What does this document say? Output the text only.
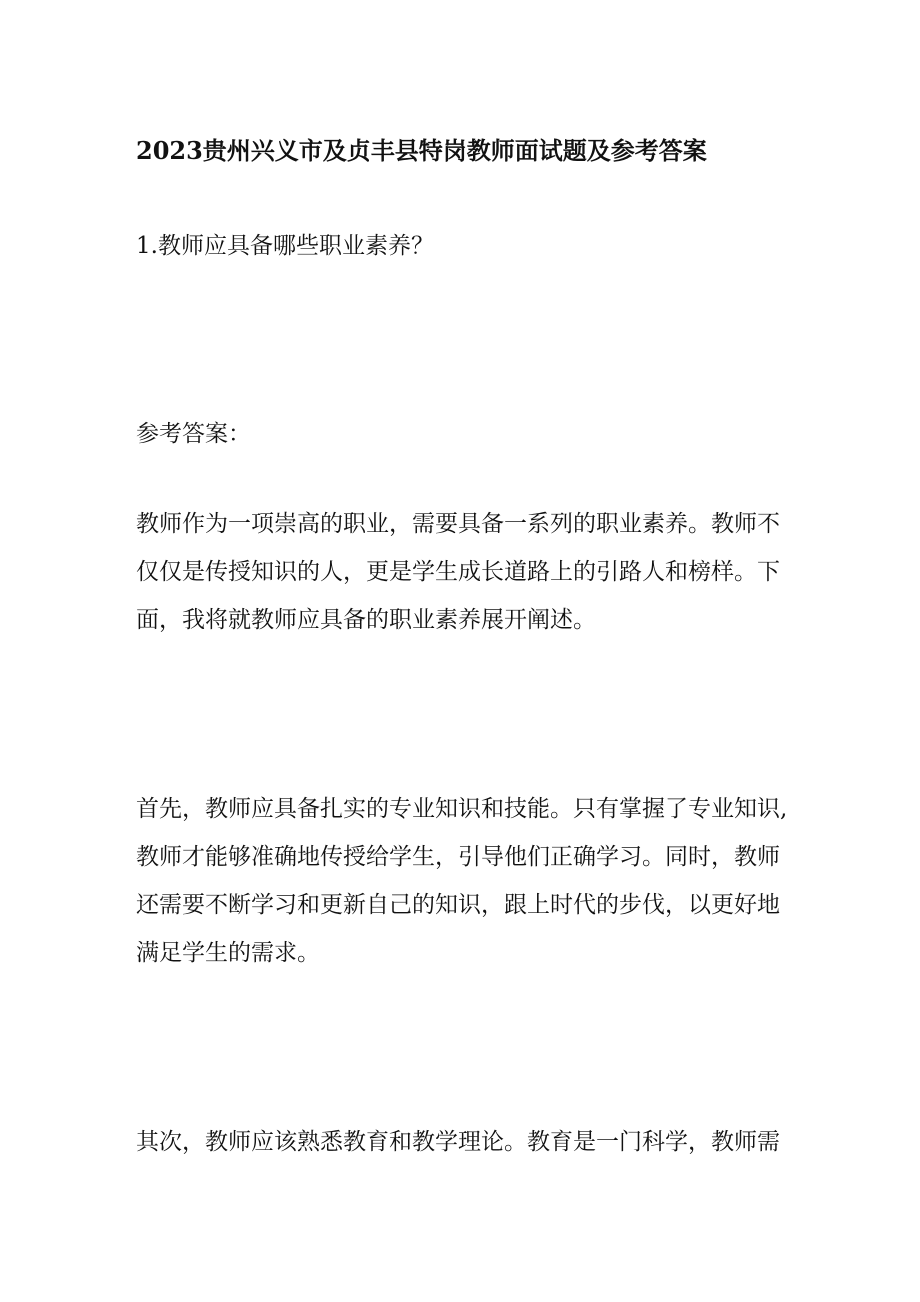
2023贵州兴义市及贞丰县特岗教师面试题及参考答案

1.教师应具备哪些职业素养？

参考答案：

教师作为一项崇高的职业，需要具备一系列的职业素养。教师不仅仅是传授知识的人，更是学生成长道路上的引路人和榜样。下面，我将就教师应具备的职业素养展开阐述。

首先，教师应具备扎实的专业知识和技能。只有掌握了专业知识,教师才能够准确地传授给学生，引导他们正确学习。同时，教师还需要不断学习和更新自己的知识，跟上时代的步伐，以更好地满足学生的需求。

其次，教师应该熟悉教育和教学理论。教育是一门科学，教师需
